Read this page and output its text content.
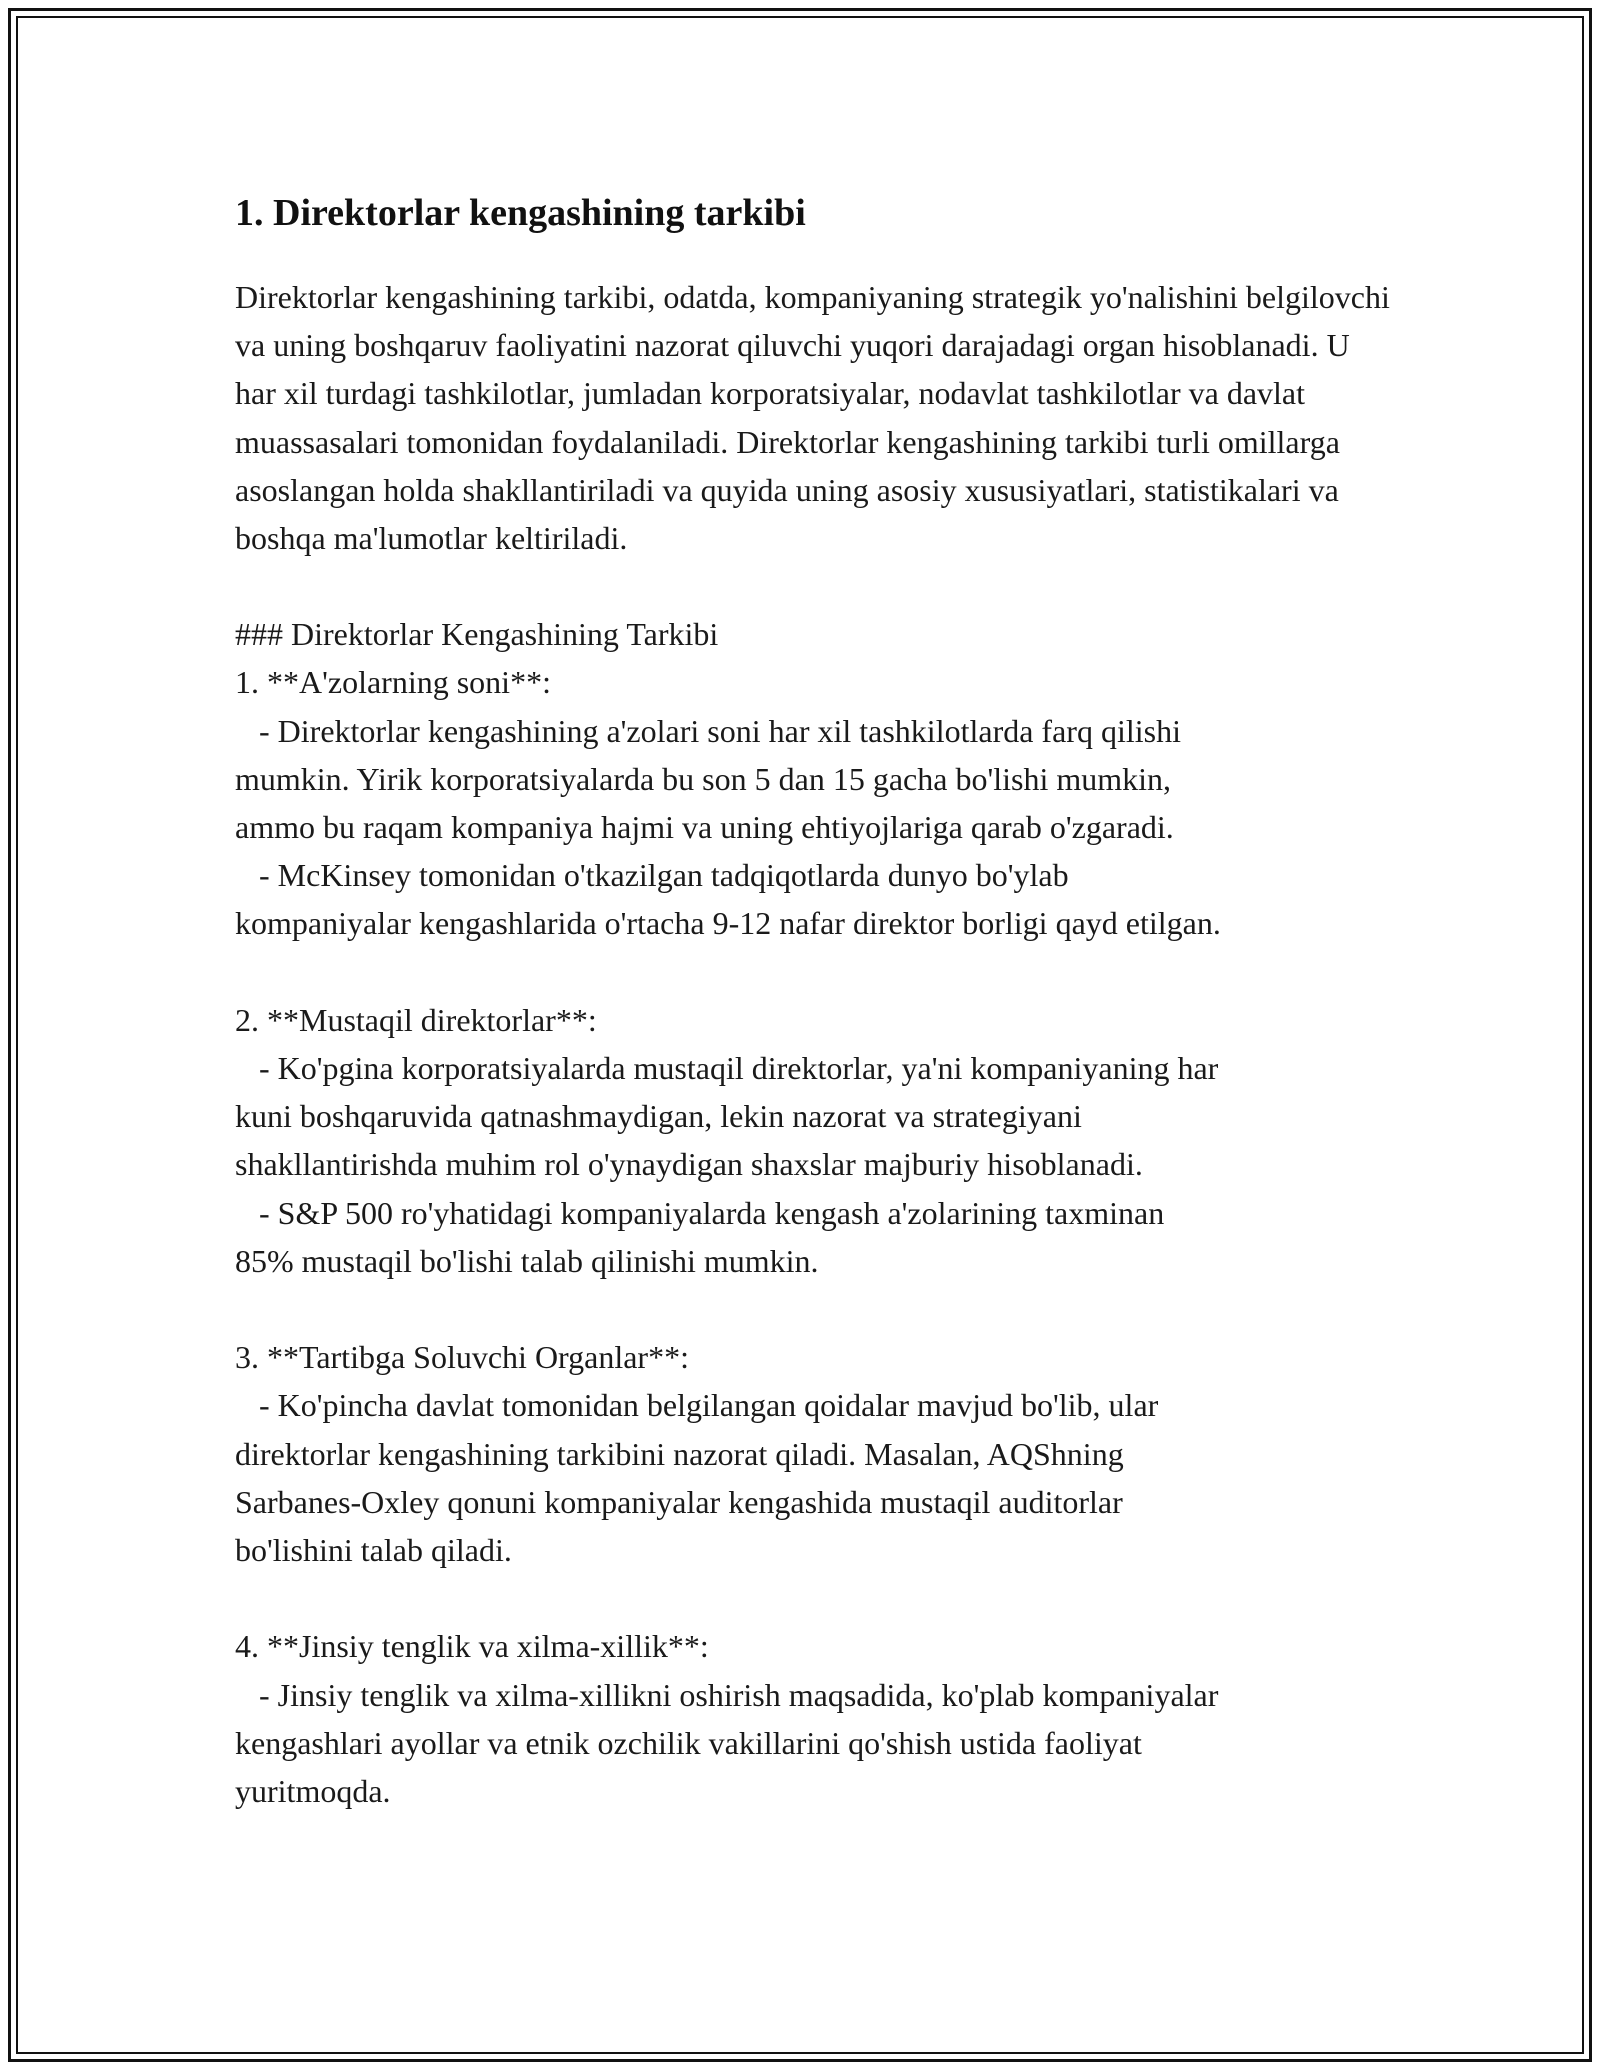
1. Direktorlar kengashining tarkibi

Direktorlar kengashining tarkibi, odatda, kompaniyaning strategik yo'nalishini belgilovchi va uning boshqaruv faoliyatini nazorat qiluvchi yuqori darajadagi organ hisoblanadi. U har xil turdagi tashkilotlar, jumladan korporatsiyalar, nodavlat tashkilotlar va davlat muassasalari tomonidan foydalaniladi. Direktorlar kengashining tarkibi turli omillarga asoslangan holda shakllantiriladi va quyida uning asosiy xususiyatlari, statistikalari va boshqa ma'lumotlar keltiriladi.

### Direktorlar Kengashining Tarkibi
1. **A'zolarning soni**:
- Direktorlar kengashining a'zolari soni har xil tashkilotlarda farq qilishi
mumkin. Yirik korporatsiyalarda bu son 5 dan 15 gacha bo'lishi mumkin,
ammo bu raqam kompaniya hajmi va uning ehtiyojlariga qarab o'zgaradi.
- McKinsey tomonidan o'tkazilgan tadqiqotlarda dunyo bo'ylab
kompaniyalar kengashlarida o'rtacha 9-12 nafar direktor borligi qayd etilgan.
2. **Mustaqil direktorlar**:
- Ko'pgina korporatsiyalarda mustaqil direktorlar, ya'ni kompaniyaning har
kuni boshqaruvida qatnashmaydigan, lekin nazorat va strategiyani
shakllantirishda muhim rol o'ynaydigan shaxslar majburiy hisoblanadi.
- S&P 500 ro'yhatidagi kompaniyalarda kengash a'zolarining taxminan
85% mustaqil bo'lishi talab qilinishi mumkin.
3. **Tartibga Soluvchi Organlar**:
- Ko'pincha davlat tomonidan belgilangan qoidalar mavjud bo'lib, ular
direktorlar kengashining tarkibini nazorat qiladi. Masalan, AQShning
Sarbanes-Oxley qonuni kompaniyalar kengashida mustaqil auditorlar
bo'lishini talab qiladi.
4. **Jinsiy tenglik va xilma-xillik**:
- Jinsiy tenglik va xilma-xillikni oshirish maqsadida, ko'plab kompaniyalar
kengashlari ayollar va etnik ozchilik vakillarini qo'shish ustida faoliyat
yuritmoqda.
